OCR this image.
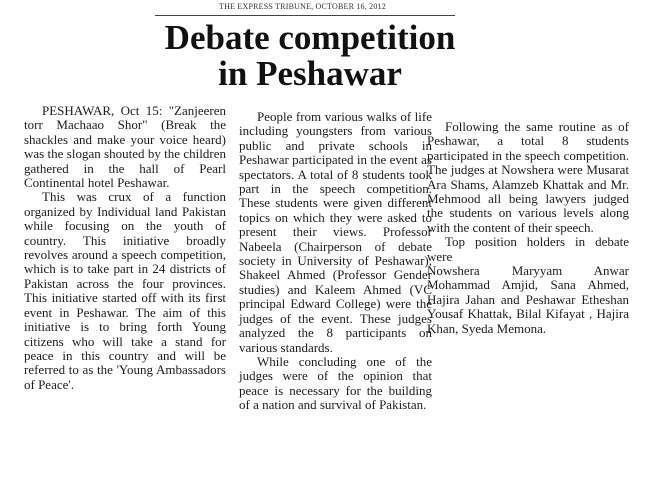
THE EXPRESS TRIBUNE, OCTOBER 16, 2012
Debate competition
in Peshawar

PESHAWAR, Oct 15: "Zanjeeren torr Machaao Shor" (Break the shackles and make your voice heard) was the slogan shouted by the children gathered in the hall of Pearl Continental hotel Peshawar.

This was crux of a function organized by Individual land Pakistan while focusing on the youth of country. This initiative broadly revolves around a speech competition, which is to take part in 24 districts of Pakistan across the four provinces. This initiative started off with its first event in Peshawar. The aim of this initiative is to bring forth Young citizens who will take a stand for peace in this country and will be referred to as the 'Young Ambassadors of Peace'.

People from various walks of life including youngsters from various public and private schools in Peshawar participated in the event as spectators. A total of 8 students took part in the speech competition. These students were given different topics on which they were asked to present their views. Professor Nabeela (Chairperson of debate society in University of Peshawar), Shakeel Ahmed (Professor Gender studies) and Kaleem Ahmed (VC principal Edward College) were the judges of the event. These judges analyzed the 8 participants on various standards.

While concluding one of the judges were of the opinion that peace is necessary for the building of a nation and survival of Pakistan.

Following the same routine as of Peshawar, a total 8 students participated in the speech competition. The judges at Nowshera were Musarat Ara Shams, Alamzeb Khattak and Mr. Mehmood all being lawyers judged the students on various levels along with the content of their speech.

Top position holders in debate were

Nowshera Maryyam Anwar Mohammad Amjid, Sana Ahmed, Hajira Jahan and Peshawar Etheshan Yousaf Khattak, Bilal Kifayat , Hajira Khan, Syeda Memona.
